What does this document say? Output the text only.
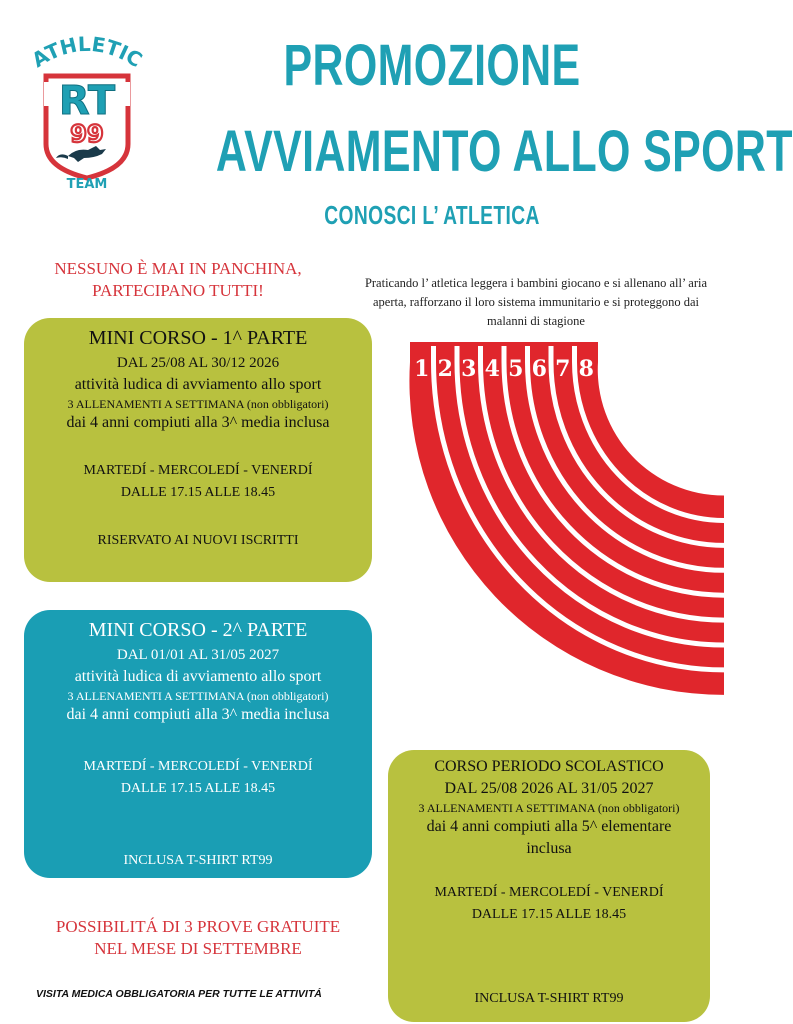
ATHLETIC
RT
99
TEAM
PROMOZIONE
AVVIAMENTO ALLO SPORT
CONOSCI L’ ATLETICA
NESSUNO È MAI IN PANCHINA,
PARTECIPANO TUTTI!	Praticando l’ atletica leggera i bambini giocano e si allenano all’ aria aperta, rafforzano il loro sistema immunitario e si proteggono dai malanni di stagione
1 2 3 4 5 6 7 8

MINI CORSO - 1^ PARTE

DAL 25/08 AL 30/12 2026

attività ludica di avviamento allo sport

3 ALLENAMENTI A SETTIMANA (non obbligatori)

dai 4 anni compiuti alla 3^ media inclusa

MARTEDÍ - MERCOLEDÍ - VENERDÍ

DALLE 17.15 ALLE 18.45

RISERVATO AI NUOVI ISCRITTI

MINI CORSO - 2^ PARTE

DAL 01/01 AL 31/05 2027

attività ludica di avviamento allo sport

3 ALLENAMENTI A SETTIMANA (non obbligatori)

dai 4 anni compiuti alla 3^ media inclusa

MARTEDÍ - MERCOLEDÍ - VENERDÍ

DALLE 17.15 ALLE 18.45

INCLUSA T-SHIRT RT99

CORSO PERIODO SCOLASTICO

DAL 25/08 2026 AL 31/05 2027

3 ALLENAMENTI A SETTIMANA (non obbligatori)

dai 4 anni compiuti alla 5^ elementare

inclusa

MARTEDÍ - MERCOLEDÍ - VENERDÍ

DALLE 17.15 ALLE 18.45

INCLUSA T-SHIRT RT99

POSSIBILITÁ DI 3 PROVE GRATUITE
NEL MESE DI SETTEMBRE
VISITA MEDICA OBBLIGATORIA PER TUTTE LE ATTIVITÁ
